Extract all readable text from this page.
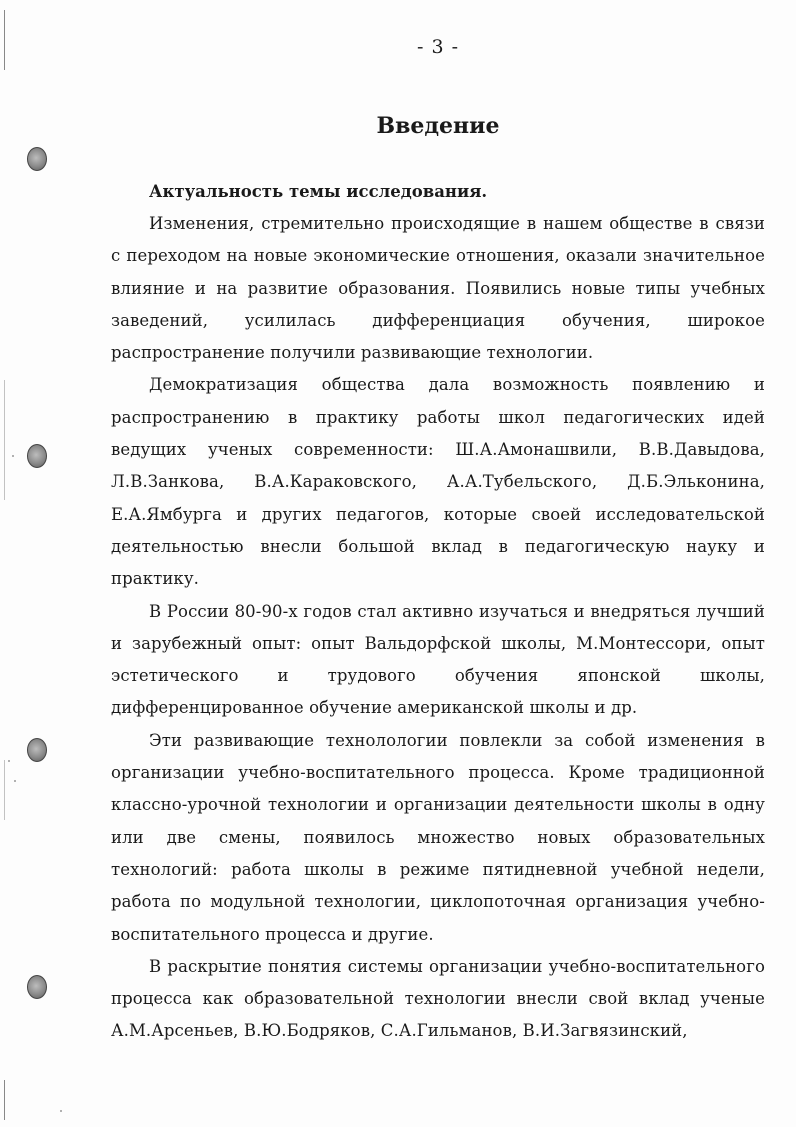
- 3 -
Введение
Актуальность темы исследования.

Изменения, стремительно происходящие в нашем обществе в связи с переходом на новые экономические отношения, оказали значительное влияние и на развитие образования. Появились новые типы учебных заведений, усилилась дифференциация обучения, широкое распространение получили развивающие технологии.

Демократизация общества дала возможность появлению и распространению в практику работы школ педагогических идей ведущих ученых современности: Ш.А.Амонашвили, В.В.Давыдова, Л.В.Занкова, В.А.Караковского, А.А.Тубельского, Д.Б.Эльконина, Е.А.Ямбурга и других педагогов, которые своей исследовательской деятельностью внесли большой вклад в педагогическую науку и практику.

В России 80-90-х годов стал активно изучаться и внедряться лучший и зарубежный опыт: опыт Вальдорфской школы, М.Монтессори, опыт эстетического и трудового обучения японской школы, дифференцированное обучение американской школы и др.

Эти развивающие технолологии повлекли за собой изменения в организации учебно-воспитательного процесса. Кроме традиционной классно-урочной технологии и организации деятельности школы в одну или две смены, появилось множество новых образовательных технологий: работа школы в режиме пятидневной учебной недели, работа по модульной технологии, циклопоточная организация учебно-воспитательного процесса и другие.

В раскрытие понятия системы организации учебно-воспитательного процесса как образовательной технологии внесли свой вклад ученые А.М.Арсеньев, В.Ю.Бодряков, С.А.Гильманов, В.И.Загвязинский,
